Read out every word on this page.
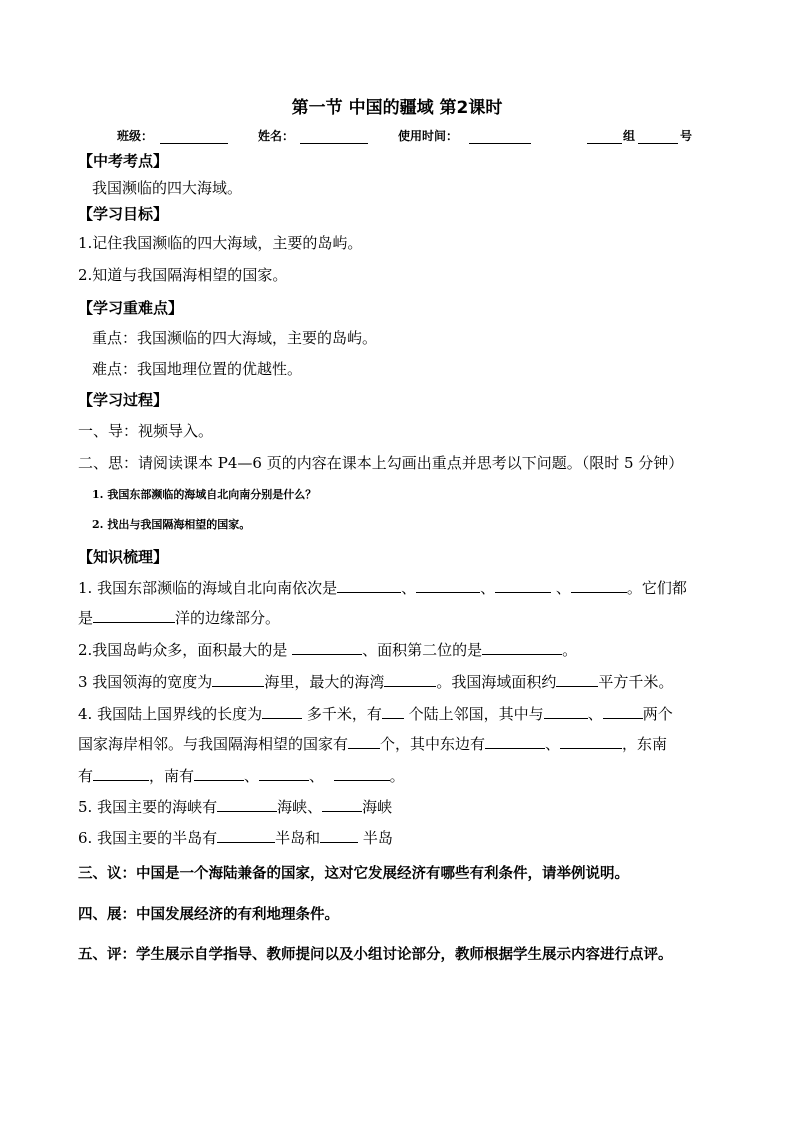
第一节 中国的疆域 第2课时
班级：	姓名：	使用时间：	组	号
【中考考点】
我国濒临的四大海域。
【学习目标】
1.记住我国濒临的四大海域，主要的岛屿。
2.知道与我国隔海相望的国家。
【学习重难点】
重点：我国濒临的四大海域，主要的岛屿。
难点：我国地理位置的优越性。
【学习过程】
一、导：视频导入。
二、思：请阅读课本 P4—6 页的内容在课本上勾画出重点并思考以下问题。（限时 5 分钟）
1. 我国东部濒临的海域自北向南分别是什么？
2. 找出与我国隔海相望的国家。
【知识梳理】
1. 我国东部濒临的海域自北向南依次是	、	、	、	。它们都
是	洋的边缘部分。
2.我国岛屿众多，面积最大的是	、面积第二位的是	。
3 我国领海的宽度为	海里，最大的海湾	。我国海域面积约	平方千米。
4. 我国陆上国界线的长度为	多千米，有 个陆上邻国，其中与	、	两个
国家海岸相邻。与我国隔海相望的国家有 个，其中东边有	、	，东南
有	，南有	、	、	。
5. 我国主要的海峡有	海峡、	海峡
6. 我国主要的半岛有	半岛和	半岛
三、议：中国是一个海陆兼备的国家，这对它发展经济有哪些有利条件，请举例说明。
四、展：中国发展经济的有利地理条件。
五、评：学生展示自学指导、教师提问以及小组讨论部分，教师根据学生展示内容进行点评。
